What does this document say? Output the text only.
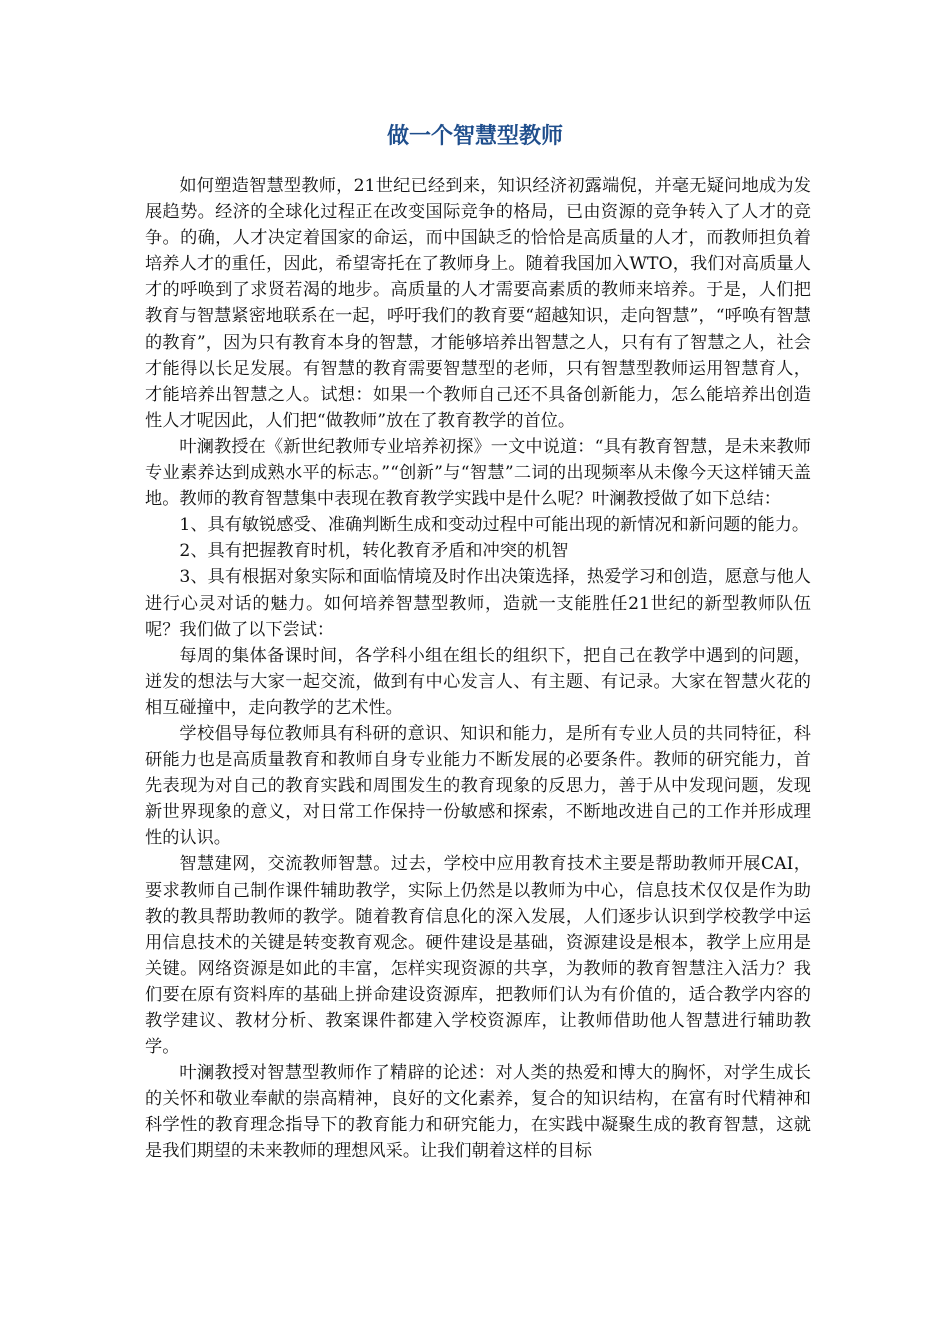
做一个智慧型教师

如何塑造智慧型教师，21世纪已经到来，知识经济初露端倪，并毫无疑问地成为发展趋势。经济的全球化过程正在改变国际竞争的格局，已由资源的竞争转入了人才的竞争。的确，人才决定着国家的命运，而中国缺乏的恰恰是高质量的人才，而教师担负着培养人才的重任，因此，希望寄托在了教师身上。随着我国加入WTO，我们对高质量人才的呼唤到了求贤若渴的地步。高质量的人才需要高素质的教师来培养。于是，人们把教育与智慧紧密地联系在一起，呼吁我们的教育要“超越知识，走向智慧”，“呼唤有智慧的教育”，因为只有教育本身的智慧，才能够培养出智慧之人，只有有了智慧之人，社会才能得以长足发展。有智慧的教育需要智慧型的老师，只有智慧型教师运用智慧育人，才能培养出智慧之人。试想：如果一个教师自己还不具备创新能力，怎么能培养出创造性人才呢因此，人们把“做教师”放在了教育教学的首位。

叶澜教授在《新世纪教师专业培养初探》一文中说道：“具有教育智慧，是未来教师专业素养达到成熟水平的标志。”“创新”与“智慧”二词的出现频率从未像今天这样铺天盖地。教师的教育智慧集中表现在教育教学实践中是什么呢？叶澜教授做了如下总结：

1、具有敏锐感受、准确判断生成和变动过程中可能出现的新情况和新问题的能力。

2、具有把握教育时机，转化教育矛盾和冲突的机智

3、具有根据对象实际和面临情境及时作出决策选择，热爱学习和创造，愿意与他人进行心灵对话的魅力。如何培养智慧型教师，造就一支能胜任21世纪的新型教师队伍呢？我们做了以下尝试：

每周的集体备课时间，各学科小组在组长的组织下，把自己在教学中遇到的问题，迸发的想法与大家一起交流，做到有中心发言人、有主题、有记录。大家在智慧火花的相互碰撞中，走向教学的艺术性。

学校倡导每位教师具有科研的意识、知识和能力，是所有专业人员的共同特征，科研能力也是高质量教育和教师自身专业能力不断发展的必要条件。教师的研究能力，首先表现为对自己的教育实践和周围发生的教育现象的反思力，善于从中发现问题，发现新世界现象的意义，对日常工作保持一份敏感和探索，不断地改进自己的工作并形成理性的认识。

智慧建网，交流教师智慧。过去，学校中应用教育技术主要是帮助教师开展CAI，要求教师自己制作课件辅助教学，实际上仍然是以教师为中心，信息技术仅仅是作为助教的教具帮助教师的教学。随着教育信息化的深入发展，人们逐步认识到学校教学中运用信息技术的关键是转变教育观念。硬件建设是基础，资源建设是根本，教学上应用是关键。网络资源是如此的丰富，怎样实现资源的共享，为教师的教育智慧注入活力？我们要在原有资料库的基础上拼命建设资源库，把教师们认为有价值的，适合教学内容的教学建议、教材分析、教案课件都建入学校资源库，让教师借助他人智慧进行辅助教学。

叶澜教授对智慧型教师作了精辟的论述：对人类的热爱和博大的胸怀，对学生成长的关怀和敬业奉献的崇高精神，良好的文化素养，复合的知识结构，在富有时代精神和科学性的教育理念指导下的教育能力和研究能力，在实践中凝聚生成的教育智慧，这就是我们期望的未来教师的理想风采。让我们朝着这样的目标
